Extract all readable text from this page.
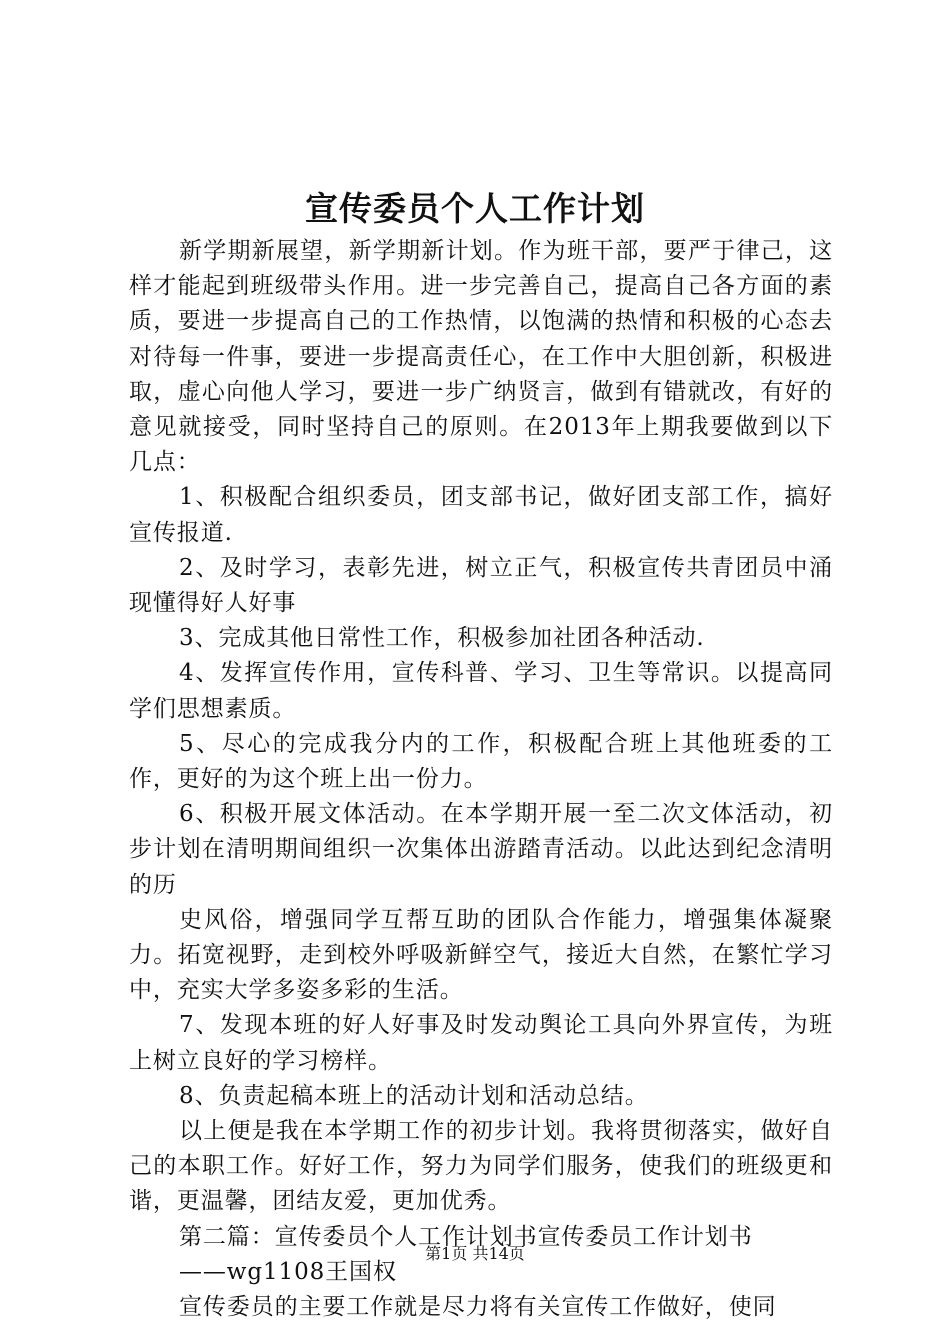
宣传委员个人工作计划

新学期新展望，新学期新计划。作为班干部，要严于律己，这样才能起到班级带头作用。进一步完善自己，提高自己各方面的素质，要进一步提高自己的工作热情，以饱满的热情和积极的心态去对待每一件事，要进一步提高责任心，在工作中大胆创新，积极进取，虚心向他人学习，要进一步广纳贤言，做到有错就改，有好的意见就接受，同时坚持自己的原则。在2013年上期我要做到以下几点：

1、积极配合组织委员，团支部书记，做好团支部工作，搞好宣传报道.

2、及时学习，表彰先进，树立正气，积极宣传共青团员中涌现懂得好人好事

3、完成其他日常性工作，积极参加社团各种活动.

4、发挥宣传作用，宣传科普、学习、卫生等常识。以提高同学们思想素质。

5、尽心的完成我分内的工作，积极配合班上其他班委的工作，更好的为这个班上出一份力。

6、积极开展文体活动。在本学期开展一至二次文体活动，初步计划在清明期间组织一次集体出游踏青活动。以此达到纪念清明的历

史风俗，增强同学互帮互助的团队合作能力，增强集体凝聚力。拓宽视野，走到校外呼吸新鲜空气，接近大自然，在繁忙学习中，充实大学多姿多彩的生活。

7、发现本班的好人好事及时发动舆论工具向外界宣传，为班上树立良好的学习榜样。

8、负责起稿本班上的活动计划和活动总结。

以上便是我在本学期工作的初步计划。我将贯彻落实，做好自己的本职工作。好好工作，努力为同学们服务，使我们的班级更和谐，更温馨，团结友爱，更加优秀。

第二篇：宣传委员个人工作计划书宣传委员工作计划书

——wg1108王国权

宣传委员的主要工作就是尽力将有关宣传工作做好，使同

第1页 共14页
